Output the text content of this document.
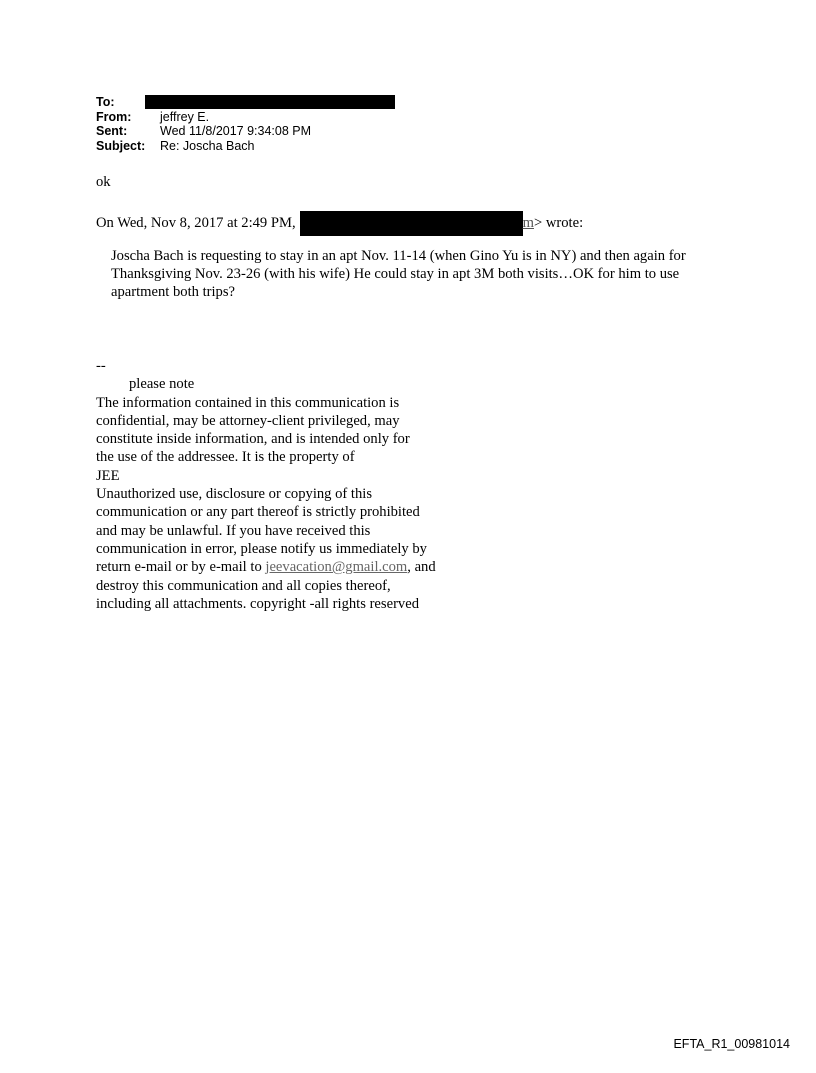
To:
From:	jeffrey E.
Sent:	Wed 11/8/2017 9:34:08 PM
Subject:	Re: Joscha Bach
ok
On Wed, Nov 8, 2017 at 2:49 PM,	m > wrote:
Joscha Bach is requesting to stay in an apt Nov. 11-14 (when Gino Yu is in NY) and then again for Thanksgiving Nov. 23-26 (with his wife) He could stay in apt 3M both visits…OK for him to use apartment both trips?
--
please note
The information contained in this communication is
confidential, may be attorney-client privileged, may
constitute inside information, and is intended only for
the use of the addressee. It is the property of
JEE
Unauthorized use, disclosure or copying of this
communication or any part thereof is strictly prohibited
and may be unlawful. If you have received this
communication in error, please notify us immediately by
return e-mail or by e-mail to jeevacation@gmail.com, and
destroy this communication and all copies thereof,
including all attachments. copyright -all rights reserved
EFTA_R1_00981014
